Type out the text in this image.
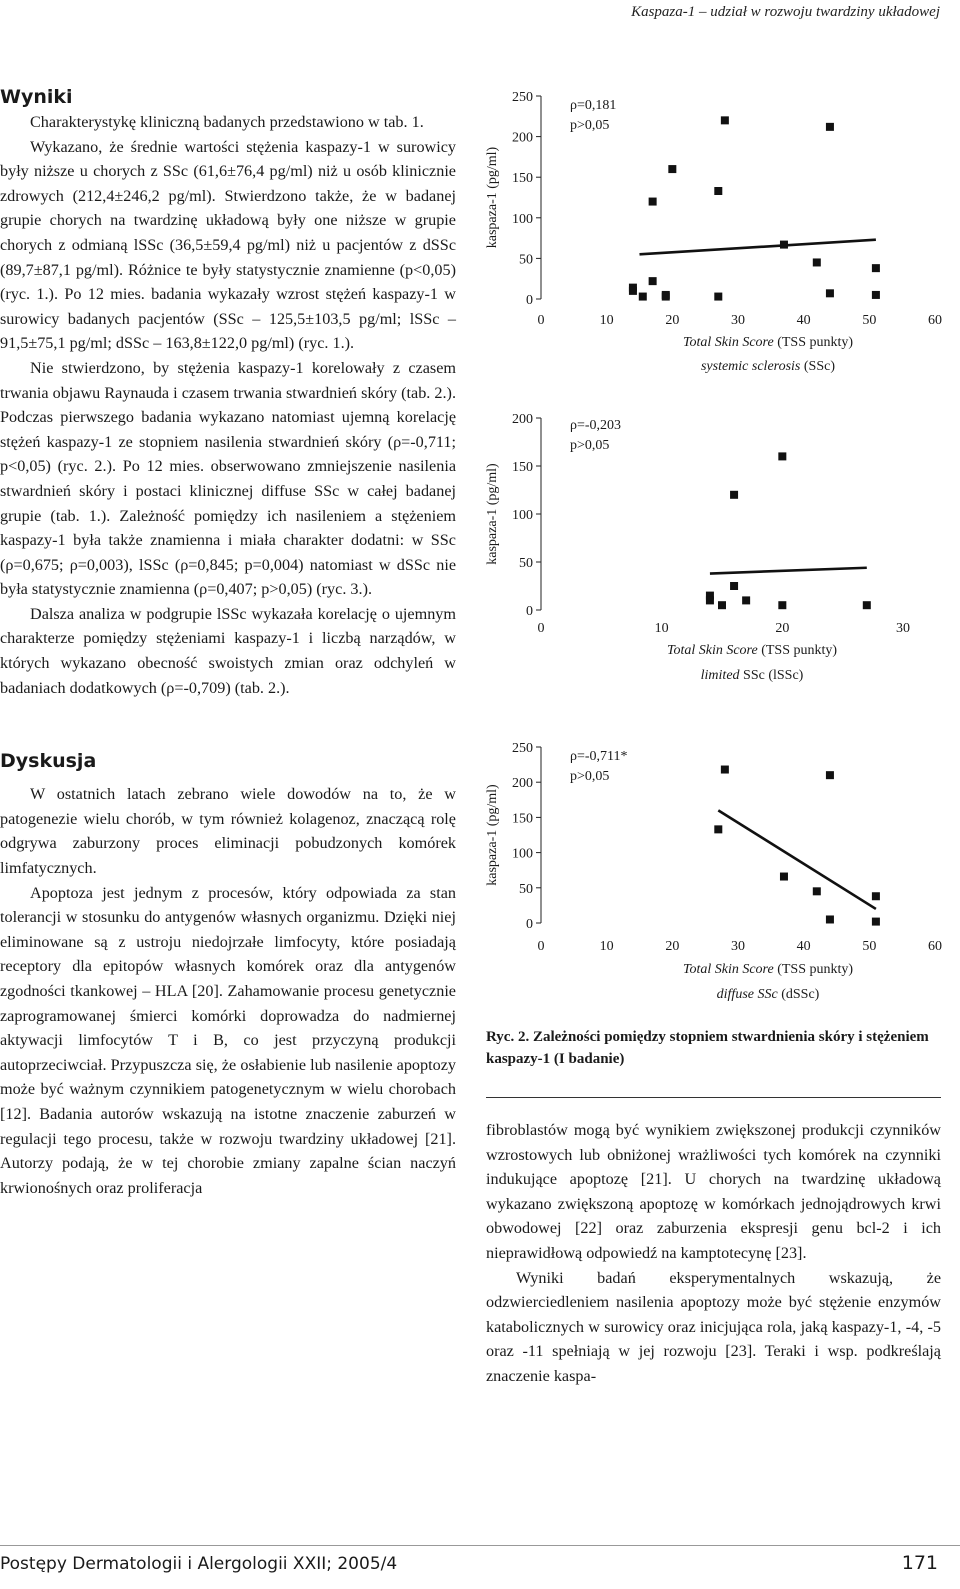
Kaspaza-1 – udział w rozwoju twardziny układowej
Wyniki

Charakterystykę kliniczną badanych przedstawiono w tab. 1.

Wykazano, że średnie wartości stężenia kaspazy-1 w surowicy były niższe u chorych z SSc (61,6±76,4 pg/ml) niż u osób klinicznie zdrowych (212,4±246,2 pg/ml). Stwierdzono także, że w badanej grupie chorych na twardzinę układową były one niższe w grupie chorych z odmianą lSSc (36,5±59,4 pg/ml) niż u pacjentów z dSSc (89,7±87,1 pg/ml). Różnice te były statystycznie znamienne (p<0,05) (ryc. 1.). Po 12 mies. badania wykazały wzrost stężeń kaspazy-1 w surowicy badanych pacjentów (SSc – 125,5±103,5 pg/ml; lSSc – 91,5±75,1 pg/ml; dSSc – 163,8±122,0 pg/ml) (ryc. 1.).

Nie stwierdzono, by stężenia kaspazy-1 korelowały z czasem trwania objawu Raynauda i czasem trwania stwardnień skóry (tab. 2.). Podczas pierwszego badania wykazano natomiast ujemną korelację stężeń kaspazy-1 ze stopniem nasilenia stwardnień skóry (ρ=-0,711; p<0,05) (ryc. 2.). Po 12 mies. obserwowano zmniejszenie nasilenia stwardnień skóry i postaci klinicznej diffuse SSc w całej badanej grupie (tab. 1.). Zależność pomiędzy ich nasileniem a stężeniem kaspazy-1 była także znamienna i miała charakter dodatni: w SSc (ρ=0,675; ρ=0,003), lSSc (ρ=0,845; p=0,004) natomiast w dSSc nie była statystycznie znamienna (ρ=0,407; p>0,05) (ryc. 3.).

Dalsza analiza w podgrupie lSSc wykazała korelację o ujemnym charakterze pomiędzy stężeniami kaspazy-1 i liczbą narządów, w których wykazano obecność swoistych zmian oraz odchyleń w badaniach dodatkowych (ρ=-0,709) (tab. 2.).

Dyskusja

W ostatnich latach zebrano wiele dowodów na to, że w patogenezie wielu chorób, w tym również kolagenoz, znaczącą rolę odgrywa zaburzony proces eliminacji pobudzonych komórek limfatycznych.

Apoptoza jest jednym z procesów, który odpowiada za stan tolerancji w stosunku do antygenów własnych organizmu. Dzięki niej eliminowane są z ustroju niedojrzałe limfocyty, które posiadają receptory dla epitopów własnych komórek oraz dla antygenów zgodności tkankowej – HLA [20]. Zahamowanie procesu genetycznie zaprogramowanej śmierci komórki doprowadza do nadmiernej aktywacji limfocytów T i B, co jest przyczyną produkcji autoprzeciwciał. Przypuszcza się, że osłabienie lub nasilenie apoptozy może być ważnym czynnikiem patogenetycznym w wielu chorobach [12]. Badania autorów wskazują na istotne znaczenie zaburzeń w regulacji tego procesu, także w rozwoju twardziny układowej [21]. Autorzy podają, że w tej chorobie zmiany zapalne ścian naczyń krwionośnych oraz proliferacja

0
50
100
150
200
250
0	10	20	30	40	50	60
kaspaza-1 (pg/ml)
ρ=0,181
p>0,05
Total Skin Score (TSS punkty)
systemic sclerosis (SSc)
0
50
100
150
200
0	10	20	30
kaspaza-1 (pg/ml)
ρ=-0,203
p>0,05
Total Skin Score (TSS punkty)
limited SSc (lSSc)
0
50
100
150
200
250
0	10	20	30	40	50	60
kaspaza-1 (pg/ml)
ρ=-0,711*
p>0,05
Total Skin Score (TSS punkty)
diffuse SSc (dSSc)
Ryc. 2. Zależności pomiędzy stopniem stwardnienia skóry i stężeniem kaspazy-1 (I badanie)

fibroblastów mogą być wynikiem zwiększonej produkcji czynników wzrostowych lub obniżonej wrażliwości tych komórek na czynniki indukujące apoptozę [21]. U chorych na twardzinę układową wykazano zwiększoną apoptozę w komórkach jednojądrowych krwi obwodowej [22] oraz zaburzenia ekspresji genu bcl-2 i ich nieprawidłową odpowiedź na kamptotecynę [23].

Wyniki badań eksperymentalnych wskazują, że odzwierciedleniem nasilenia apoptozy może być stężenie enzymów katabolicznych w surowicy oraz inicjująca rola, jaką kaspazy-1, -4, -5 oraz -11 spełniają w jej rozwoju [23]. Teraki i wsp. podkreślają znaczenie kaspa-

Postępy Dermatologii i Alergologii XXII; 2005/4	171
